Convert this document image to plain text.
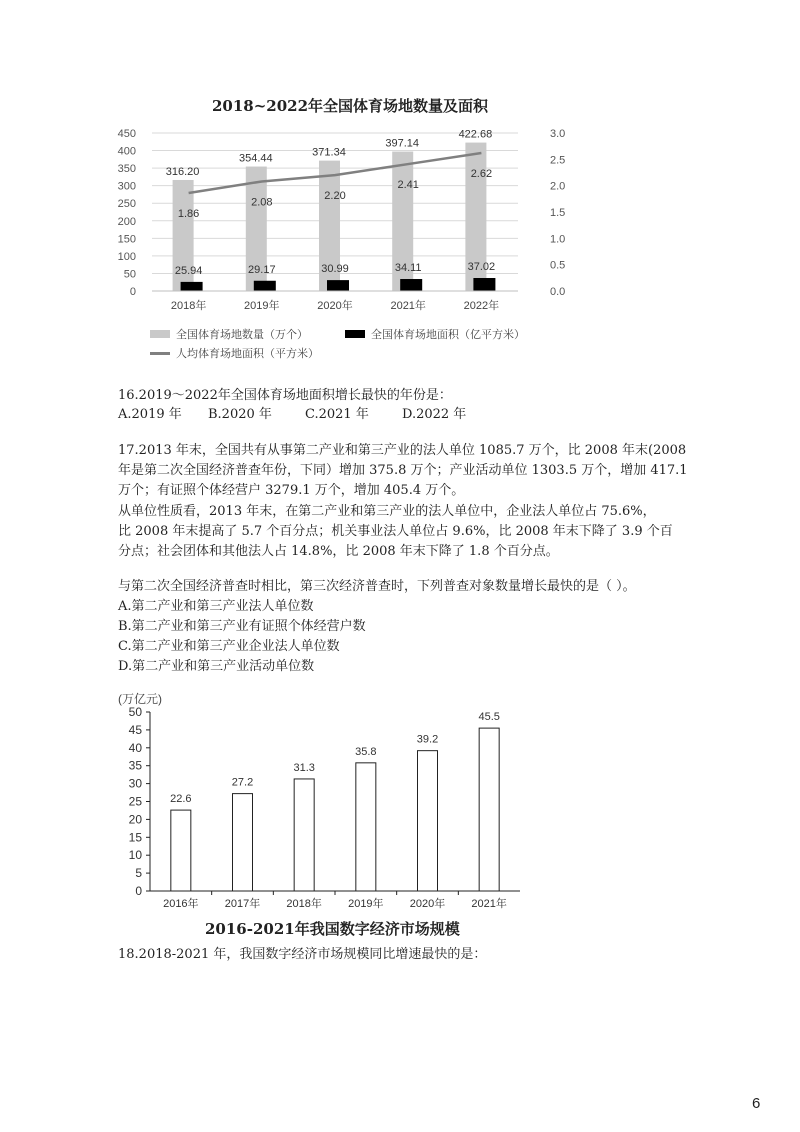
2018~2022年全国体育场地数量及面积
316.20
25.94
354.44
29.17
371.34
30.99
397.14
34.11
422.68
37.02
1.86
2.08
2.20
2.41
2.62
0
50
100
150
200
250
300
350
400
450
0.0
0.5
1.0
1.5
2.0
2.5
3.0
2018年	2019年	2020年	2021年	2022年
全国体育场地数量（万个）	全国体育场地面积（亿平方米）
人均体育场地面积（平方米）
16.2019～2022年全国体育场地面积增长最快的年份是：
A.2019 年 B.2020 年	C.2021 年	D.2022 年
17.2013 年末，全国共有从事第二产业和第三产业的法人单位 1085.7 万个，比 2008 年末(2008
年是第二次全国经济普查年份，下同）增加 375.8 万个；产业活动单位 1303.5 万个，增加 417.1
万个；有证照个体经营户 3279.1 万个，增加 405.4 万个。
从单位性质看，2013 年末，在第二产业和第三产业的法人单位中，企业法人单位占 75.6%，
比 2008 年末提高了 5.7 个百分点；机关事业法人单位占 9.6%，比 2008 年末下降了 3.9 个百
分点；社会团体和其他法人占 14.8%，比 2008 年末下降了 1.8 个百分点。
与第二次全国经济普查时相比，第三次经济普查时，下列普查对象数量增长最快的是（ ）。
A.第二产业和第三产业法人单位数
B.第二产业和第三产业有证照个体经营户数
C.第二产业和第三产业企业法人单位数
D.第二产业和第三产业活动单位数
(万亿元)
0
5
10
15
20
25
30
35
40
45
50
2016年 2017年 2018年 2019年 2020年 2021年
22.6
27.2
31.3
35.8
39.2
45.5
2016-2021年我国数字经济市场规模
18.2018-2021 年，我国数字经济市场规模同比增速最快的是：
6
